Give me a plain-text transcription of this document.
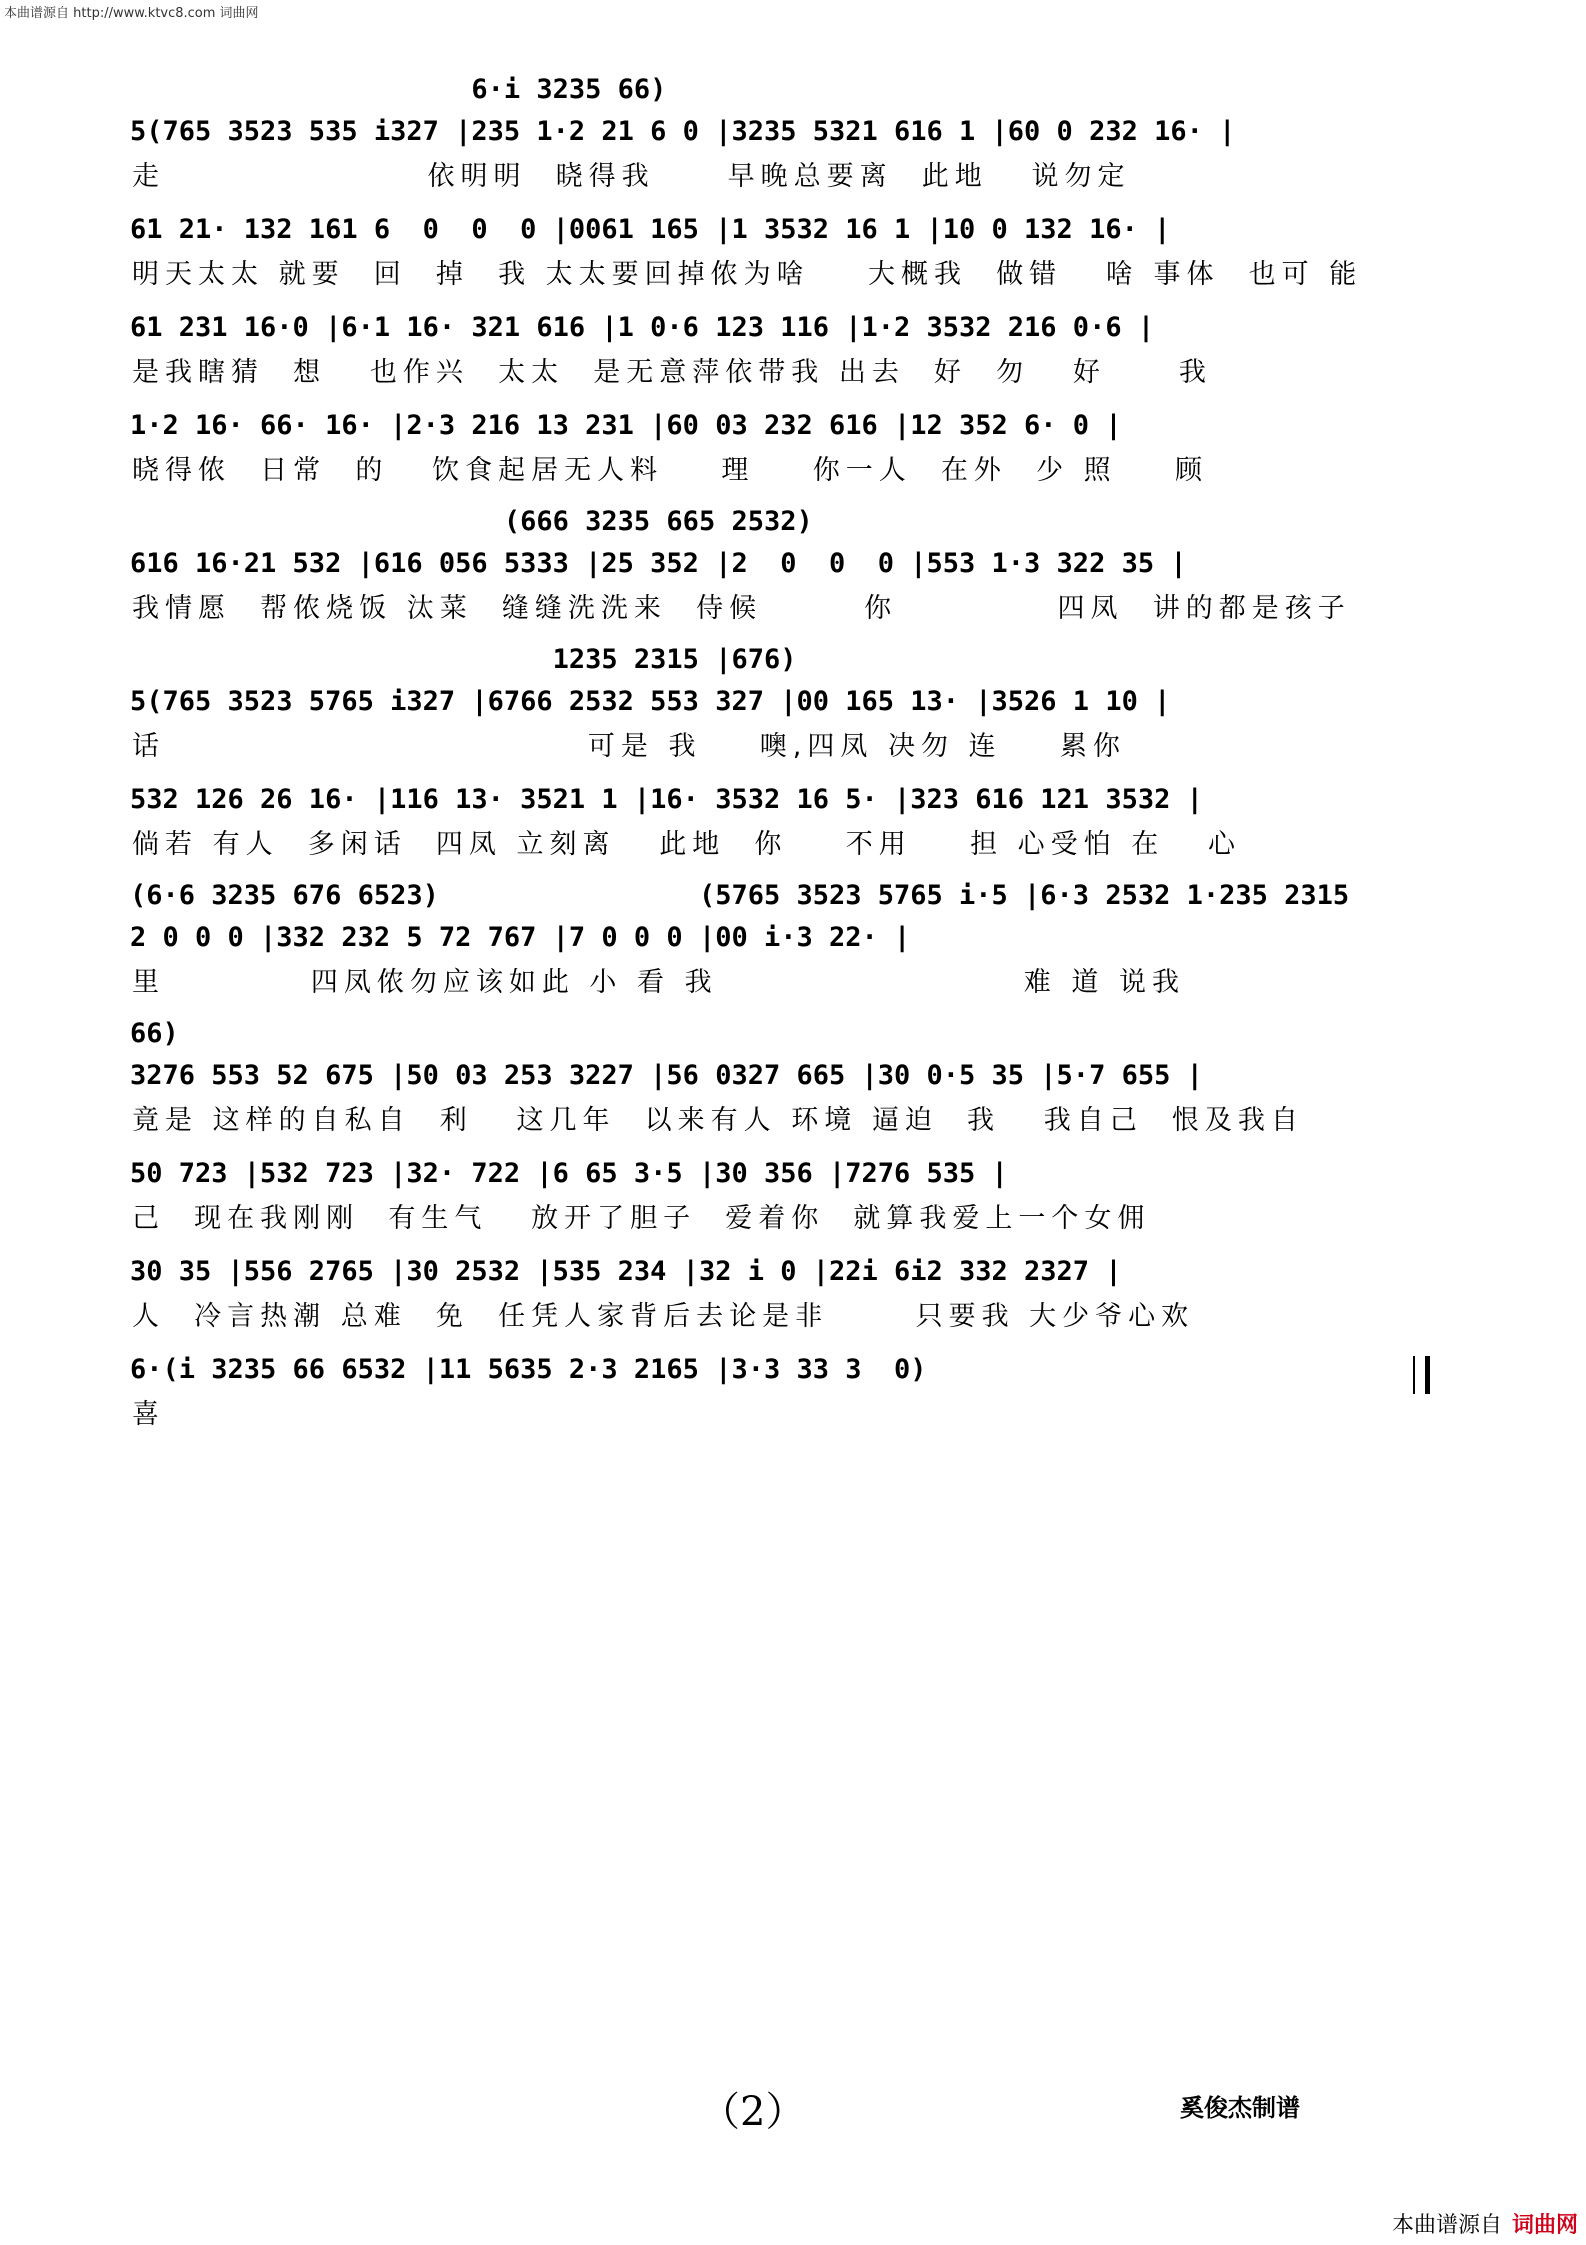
本曲谱源自 http://www.ktvc8.com 词曲网
6·i 3235 66)
5(765 3523 535 i327 |235 1·2 21 6 0 |3235 5321 616 1 |60 0 232 16· |
走                  依明明  晓得我     早晚总要离  此地   说勿定
61 21· 132 161 6  0  0  0 |0061 165 |1 3532 16 1 |10 0 132 16· |
明天太太 就要  回  掉  我 太太要回掉侬为啥    大概我  做错   啥 事体  也可 能
61 231 16·0 |6·1 16· 321 616 |1 0·6 123 116 |1·2 3532 216 0·6 |
是我瞎猜  想   也作兴  太太  是无意萍依带我 出去  好  勿   好     我
1·2 16· 66· 16· |2·3 216 13 231 |60 03 232 616 |12 352 6· 0 |
晓得侬  日常  的   饮食起居无人料    理    你一人  在外  少 照    顾
(666 3235 665 2532)
616 16·21 532 |616 056 5333 |25 352 |2  0  0  0 |553 1·3 322 35 |
我情愿  帮侬烧饭 汰菜  缝缝洗洗来  侍候       你           四凤  讲的都是孩子
1235 2315 |676)
5(765 3523 5765 i327 |6766 2532 553 327 |00 165 13· |3526 1 10 |
话                             可是 我    噢,四凤 决勿 连    累你
532 126 26 16· |116 13· 3521 1 |16· 3532 16 5· |323 616 121 3532 |
倘若 有人  多闲话  四凤 立刻离   此地  你    不用    担 心受怕 在   心
(6·6 3235 676 6523)                (5765 3523 5765 i·5 |6·3 2532 1·235 2315
2 0 0 0 |332 232 5 72 767 |7 0 0 0 |00 i·3 22· |
里          四凤侬勿应该如此 小 看 我                     难 道 说我
66)
3276 553 52 675 |50 03 253 3227 |56 0327 665 |30 0·5 35 |5·7 655 |
竟是 这样的自私自  利   这几年  以来有人 环境 逼迫  我   我自己  恨及我自
50 723 |532 723 |32· 722 |6 65 3·5 |30 356 |7276 535 |
己  现在我刚刚  有生气   放开了胆子  爱着你  就算我爱上一个女佣
30 35 |556 2765 |30 2532 |535 234 |32 i 0 |22i 6i2 332 2327 |
人  冷言热潮 总难  免  任凭人家背后去论是非      只要我 大少爷心欢
6·(i 3235 66 6532 |11 5635 2·3 2165 |3·3 33 3  0)
喜
（2）	奚俊杰制谱
本曲谱源自 词曲网
